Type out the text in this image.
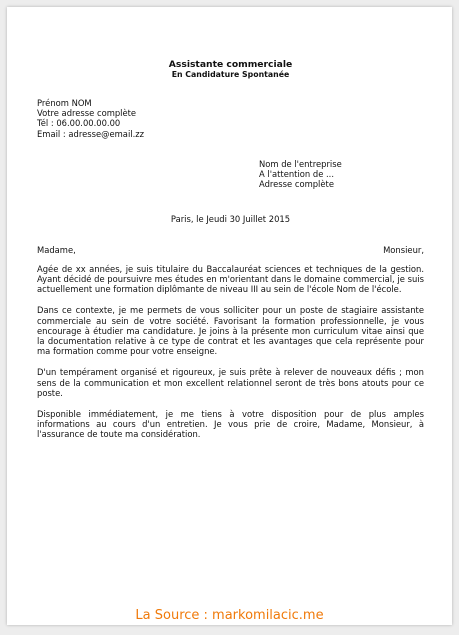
Assistante commerciale

En Candidature Spontanée

Prénom NOM
Votre adresse complète
Tél : 06.00.00.00.00
Email : adresse@email.zz
Nom de l'entreprise
A l'attention de ...
Adresse complète
Paris, le Jeudi 30 Juillet 2015
Madame,	Monsieur,

Agée de xx années, je suis titulaire du Baccalauréat sciences et techniques de la gestion. Ayant décidé de poursuivre mes études en m'orientant dans le domaine commercial, je suis actuellement une formation diplômante de niveau III au sein de l'école Nom de l'école.

Dans ce contexte, je me permets de vous solliciter pour un poste de stagiaire assistante commerciale au sein de votre société. Favorisant la formation professionnelle, je vous encourage à étudier ma candidature. Je joins à la présente mon curriculum vitae ainsi que la documentation relative à ce type de contrat et les avantages que cela représente pour ma formation comme pour votre enseigne.

D'un tempérament organisé et rigoureux, je suis prête à relever de nouveaux défis ; mon sens de la communication et mon excellent relationnel seront de très bons atouts pour ce poste.

Disponible immédiatement, je me tiens à votre disposition pour de plus amples informations au cours d'un entretien. Je vous prie de croire, Madame, Monsieur, à l'assurance de toute ma considération.

La Source : markomilacic.me
